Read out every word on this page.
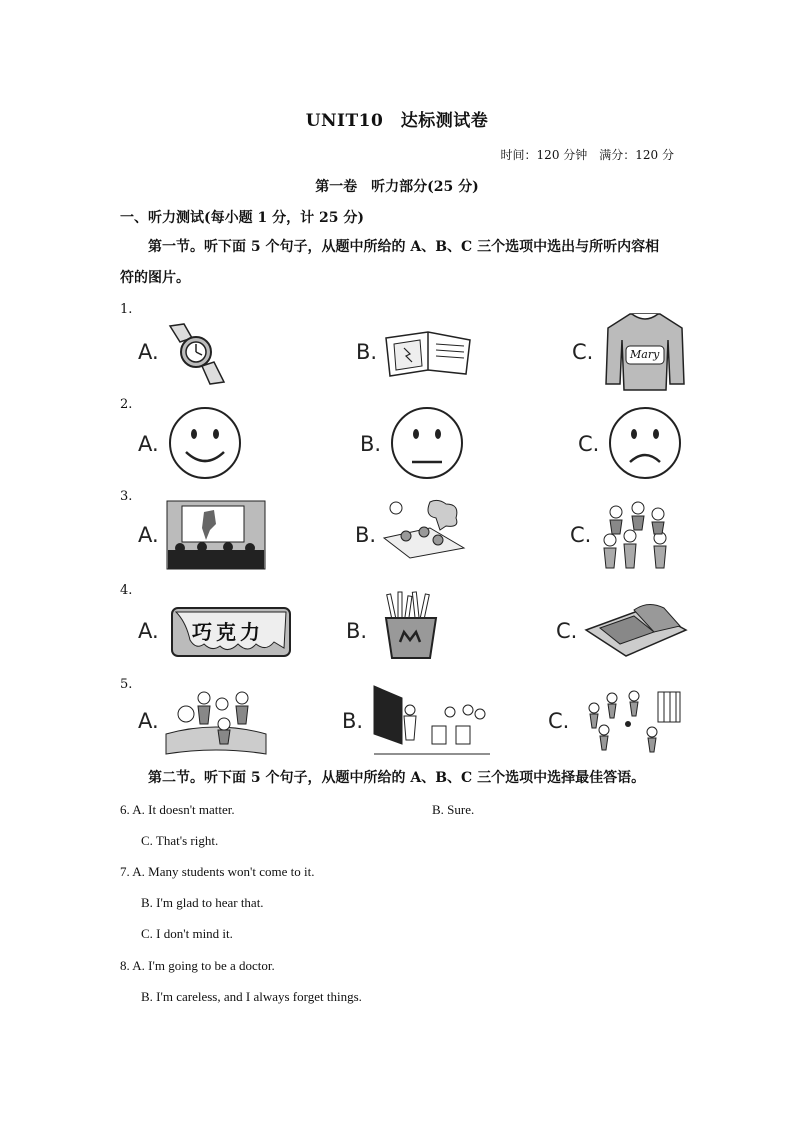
UNIT10　达标测试卷
时间：120 分钟　满分：120 分
第一卷　听力部分(25 分)
一、听力测试(每小题 1 分，计 25 分)
第一节。听下面 5 个句子，从题中所给的 A、B、C 三个选项中选出与所听内容相
符的图片。
1.
A.	B.	C.	Mary
2.
A.	B.	C.
3.
A.	B.	C.
4.
A. 巧克力	B.	C.
5.
A.	B.	C.
第二节。听下面 5 个句子，从题中所给的 A、B、C 三个选项中选择最佳答语。
6. A. It doesn't matter.	B. Sure.
C. That's right.
7. A. Many students won't come to it.
B. I'm glad to hear that.
C. I don't mind it.
8. A. I'm going to be a doctor.
B. I'm careless, and I always forget things.
